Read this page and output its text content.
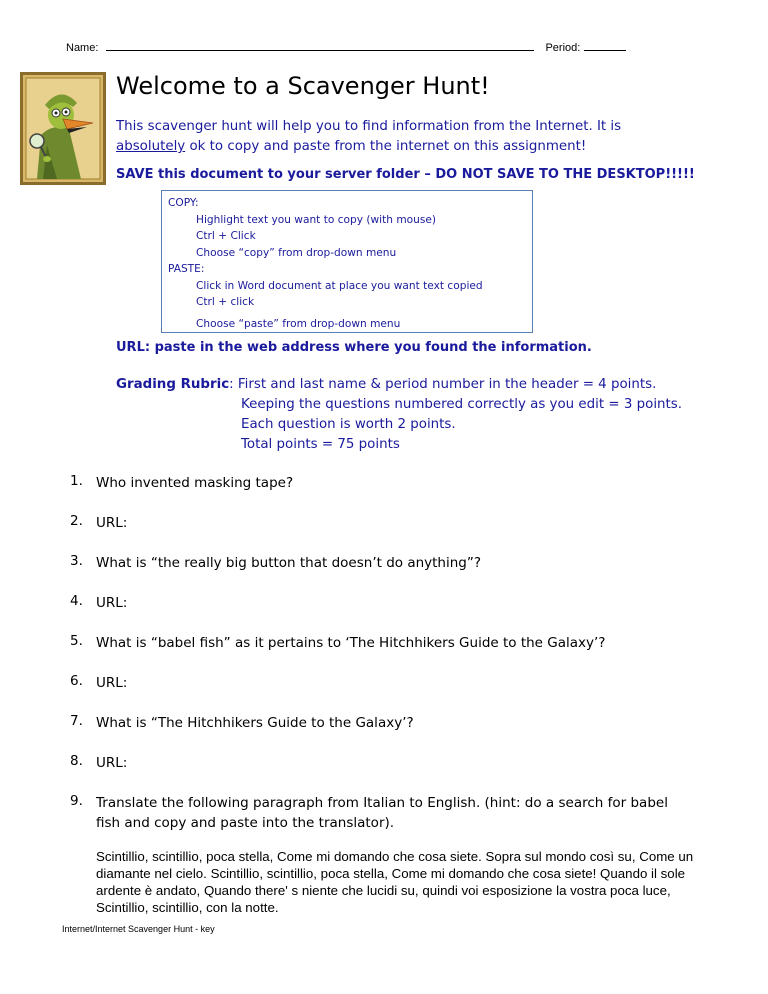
Name:	Period:
Welcome to a Scavenger Hunt!
This scavenger hunt will help you to find information from the Internet. It is
absolutely ok to copy and paste from the internet on this assignment!
SAVE this document to your server folder – DO NOT SAVE TO THE DESKTOP!!!!!
COPY:
Highlight text you want to copy (with mouse)
Ctrl + Click
Choose “copy” from drop-down menu
PASTE:
Click in Word document at place you want text copied
Ctrl + click
Choose “paste” from drop-down menu
URL: paste in the web address where you found the information.
Grading Rubric: First and last name & period number in the header = 4 points.
Keeping the questions numbered correctly as you edit = 3 points.
Each question is worth 2 points.
Total points = 75 points
1. Who invented masking tape?
2. URL:
3. What is “the really big button that doesn’t do anything”?
4. URL:
5. What is “babel fish” as it pertains to ‘The Hitchhikers Guide to the Galaxy’?
6. URL:
7. What is “The Hitchhikers Guide to the Galaxy’?
8. URL:
9. Translate the following paragraph from Italian to English. (hint: do a search for babel fish and copy and paste into the translator).
Scintillio, scintillio, poca stella, Come mi domando che cosa siete. Sopra sul mondo così su, Come un diamante nel cielo. Scintillio, scintillio, poca stella, Come mi domando che cosa siete! Quando il sole ardente è andato, Quando there' s niente che lucidi su, quindi voi esposizione la vostra poca luce, Scintillio, scintillio, con la notte.
Internet/Internet Scavenger Hunt - key
